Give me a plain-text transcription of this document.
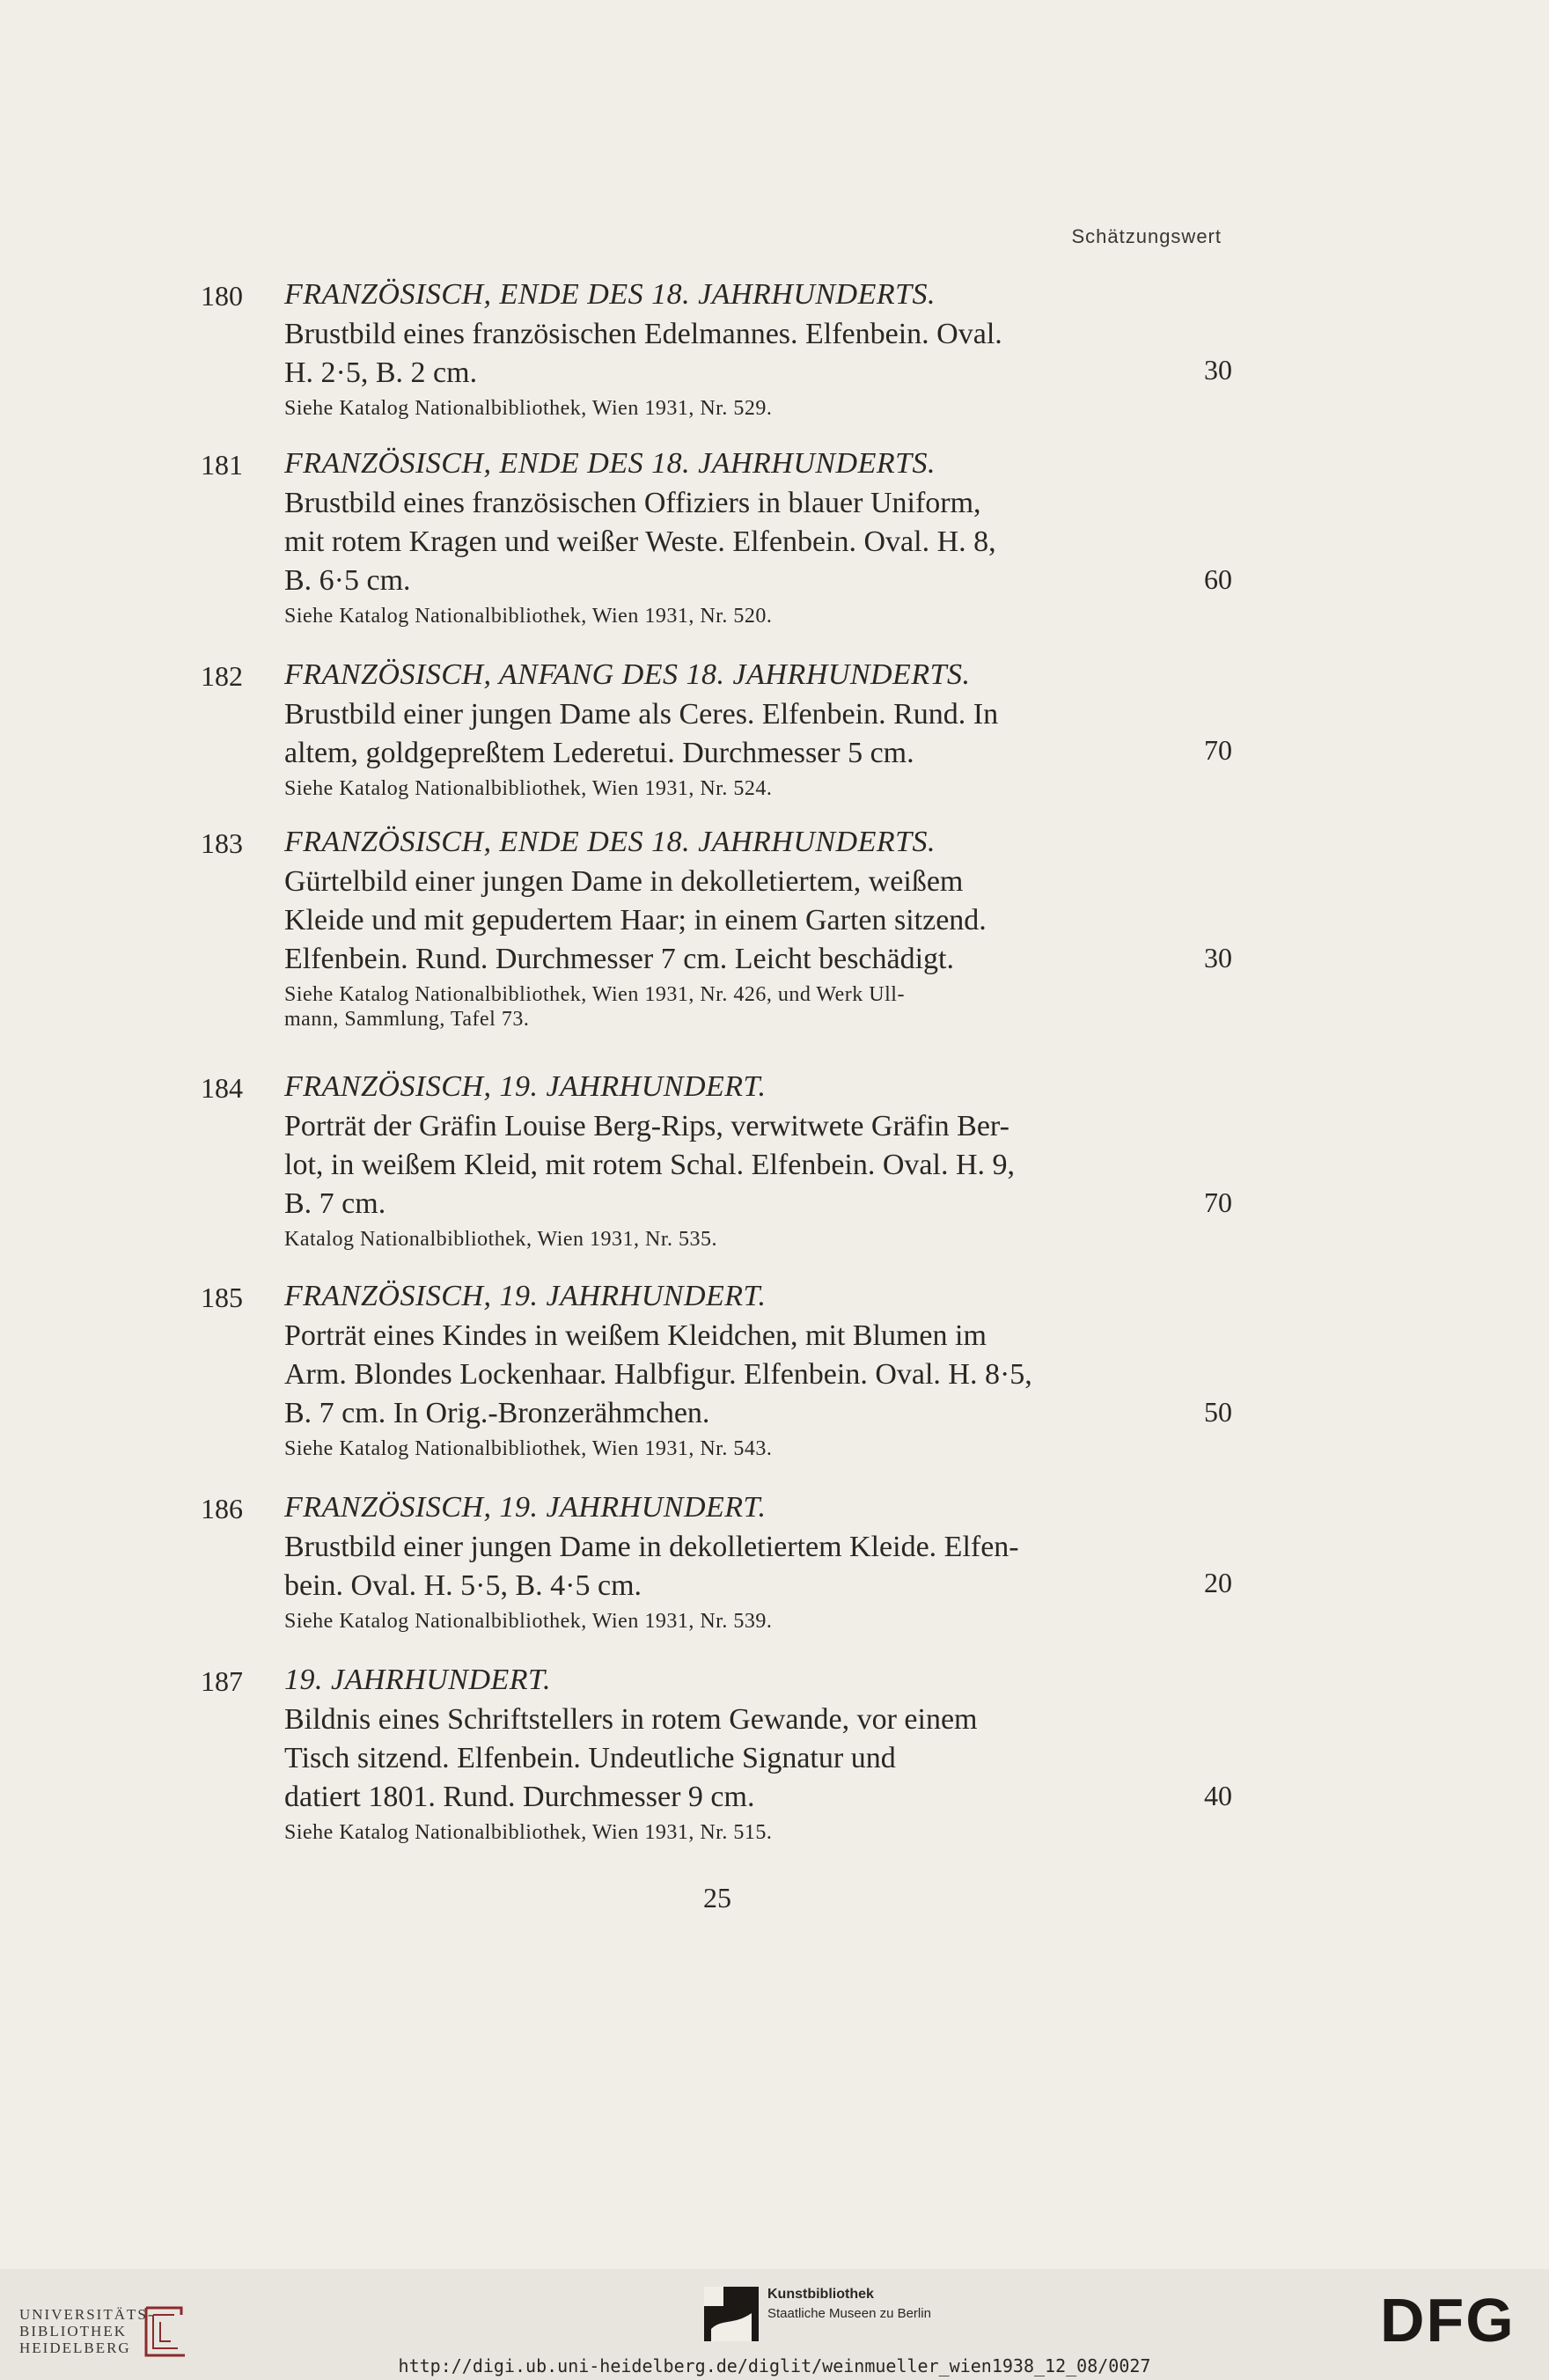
Schätzungswert
180 FRANZÖSISCH, ENDE DES 18. JAHRHUNDERTS.
Brustbild eines französischen Edelmannes. Elfenbein. Oval.
H. 2·5, B. 2 cm.
Siehe Katalog Nationalbibliothek, Wien 1931, Nr. 529.
30
181 FRANZÖSISCH, ENDE DES 18. JAHRHUNDERTS.
Brustbild eines französischen Offiziers in blauer Uniform,
mit rotem Kragen und weißer Weste. Elfenbein. Oval. H. 8,
B. 6·5 cm.
Siehe Katalog Nationalbibliothek, Wien 1931, Nr. 520.
60
182 FRANZÖSISCH, ANFANG DES 18. JAHRHUNDERTS.
Brustbild einer jungen Dame als Ceres. Elfenbein. Rund. In
altem, goldgepreßtem Lederetui. Durchmesser 5 cm.
Siehe Katalog Nationalbibliothek, Wien 1931, Nr. 524.
70
183 FRANZÖSISCH, ENDE DES 18. JAHRHUNDERTS.
Gürtelbild einer jungen Dame in dekolletiertem, weißem
Kleide und mit gepudertem Haar; in einem Garten sitzend.
Elfenbein. Rund. Durchmesser 7 cm. Leicht beschädigt.
Siehe Katalog Nationalbibliothek, Wien 1931, Nr. 426, und Werk Ull-
mann, Sammlung, Tafel 73.
30
184 FRANZÖSISCH, 19. JAHRHUNDERT.
Porträt der Gräfin Louise Berg-Rips, verwitwete Gräfin Ber-
lot, in weißem Kleid, mit rotem Schal. Elfenbein. Oval. H. 9,
B. 7 cm.
Katalog Nationalbibliothek, Wien 1931, Nr. 535.
70
185 FRANZÖSISCH, 19. JAHRHUNDERT.
Porträt eines Kindes in weißem Kleidchen, mit Blumen im
Arm. Blondes Lockenhaar. Halbfigur. Elfenbein. Oval. H. 8·5,
B. 7 cm. In Orig.-Bronzerähmchen.
Siehe Katalog Nationalbibliothek, Wien 1931, Nr. 543.
50
186 FRANZÖSISCH, 19. JAHRHUNDERT.
Brustbild einer jungen Dame in dekolletiertem Kleide. Elfen-
bein. Oval. H. 5·5, B. 4·5 cm.
Siehe Katalog Nationalbibliothek, Wien 1931, Nr. 539.
20
187 19. JAHRHUNDERT.
Bildnis eines Schriftstellers in rotem Gewande, vor einem
Tisch sitzend. Elfenbein. Undeutliche Signatur und
datiert 1801. Rund. Durchmesser 9 cm.
Siehe Katalog Nationalbibliothek, Wien 1931, Nr. 515.
40
25
UNIVERSITÄTS-
BIBLIOTHEK
HEIDELBERG
Kunstbibliothek
Staatliche Museen zu Berlin	DFG
http://digi.ub.uni-heidelberg.de/diglit/weinmueller_wien1938_12_08/0027
